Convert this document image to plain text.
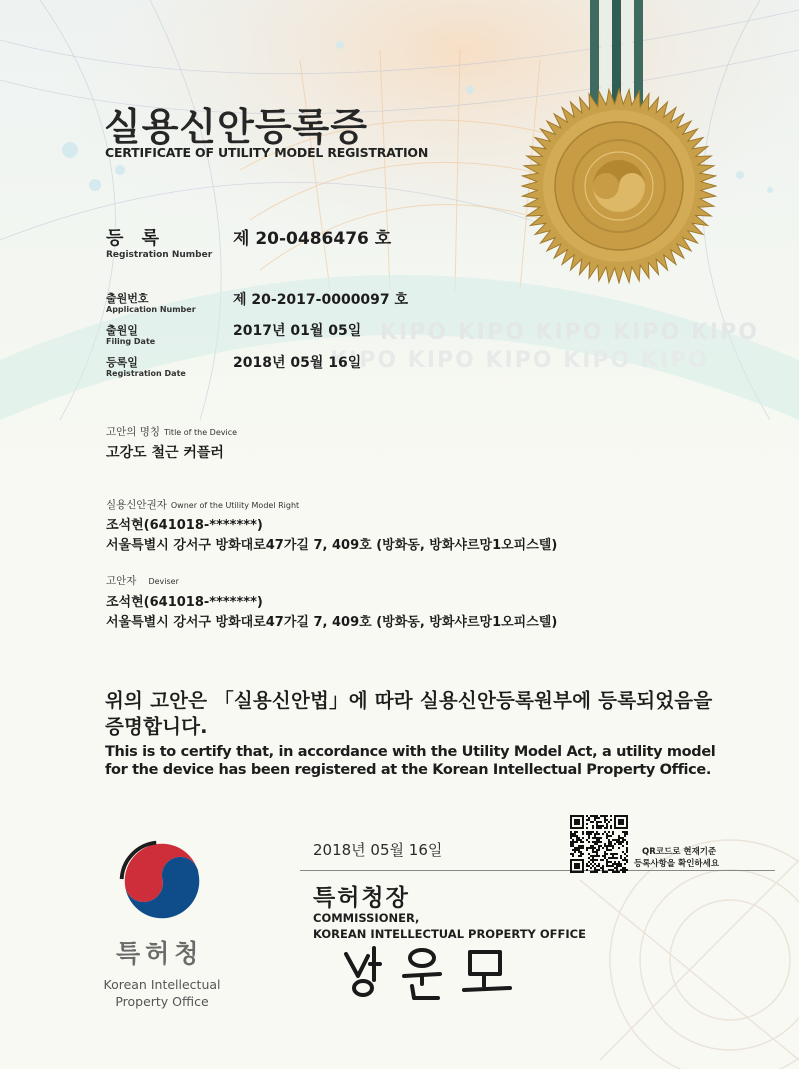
KIPO KIPO KIPO KIPO KIPO
KIPO KIPO KIPO KIPO KIPO
실용신안등록증
CERTIFICATE OF UTILITY MODEL REGISTRATION
등 록
Registration Number
제 20-0486476 호
출원번호
Application Number
제 20-2017-0000097 호
출원일
Filing Date
2017년 01월 05일
등록일
Registration Date
2018년 05월 16일
고안의 명칭 Title of the Device
고강도 철근 커플러
실용신안권자 Owner of the Utility Model Right
조석현(641018-*******)
서울특별시 강서구 방화대로47가길 7, 409호 (방화동, 방화샤르망1오피스텔)
고안자 Deviser
조석현(641018-*******)
서울특별시 강서구 방화대로47가길 7, 409호 (방화동, 방화샤르망1오피스텔)
위의 고안은 「실용신안법」에 따라 실용신안등록원부에 등록되었음을
증명합니다.
This is to certify that, in accordance with the Utility Model Act, a utility model
for the device has been registered at the Korean Intellectual Property Office.
특허청
Korean Intellectual
Property Office
2018년 05월 16일
특허청장
COMMISSIONER,
KOREAN INTELLECTUAL PROPERTY OFFICE
QR코드로 현재기준
등록사항을 확인하세요
